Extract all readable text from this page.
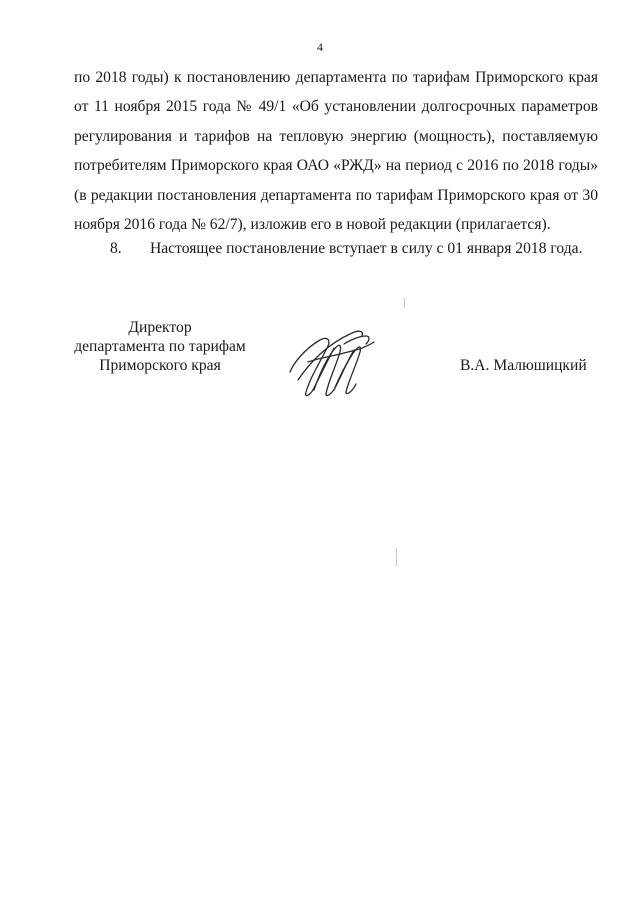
4
по 2018 годы) к постановлению департамента по тарифам Приморского края
от 11 ноября 2015 года № 49/1 «Об установлении долгосрочных параметров
регулирования и тарифов на тепловую энергию (мощность), поставляемую
потребителям Приморского края ОАО «РЖД» на период с 2016 по 2018 годы»
(в редакции постановления департамента по тарифам Приморского края от 30
ноября 2016 года № 62/7), изложив его в новой редакции (прилагается).
8. Настоящее постановление вступает в силу с 01 января 2018 года.
Директор
департамента по тарифам
Приморского края	В.А. Малюшицкий
